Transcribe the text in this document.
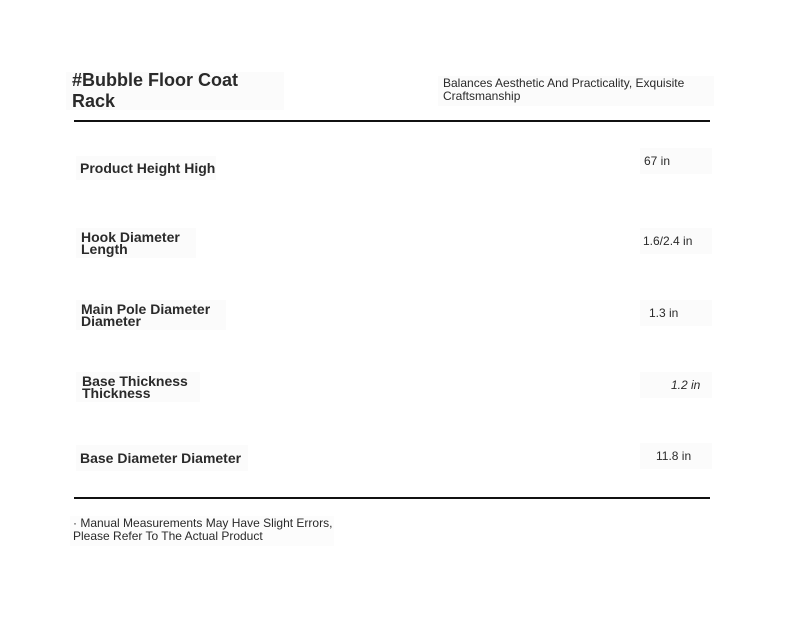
#Bubble Floor Coat Rack
Balances Aesthetic And Practicality, Exquisite Craftsmanship
Product Height High	67 in
Hook Diameter Length	1.6/2.4 in
Main Pole Diameter Diameter	1.3 in
Base Thickness Thickness	1.2 in
Base Diameter Diameter	11.8 in
· Manual Measurements May Have Slight Errors,
Please Refer To The Actual Product
